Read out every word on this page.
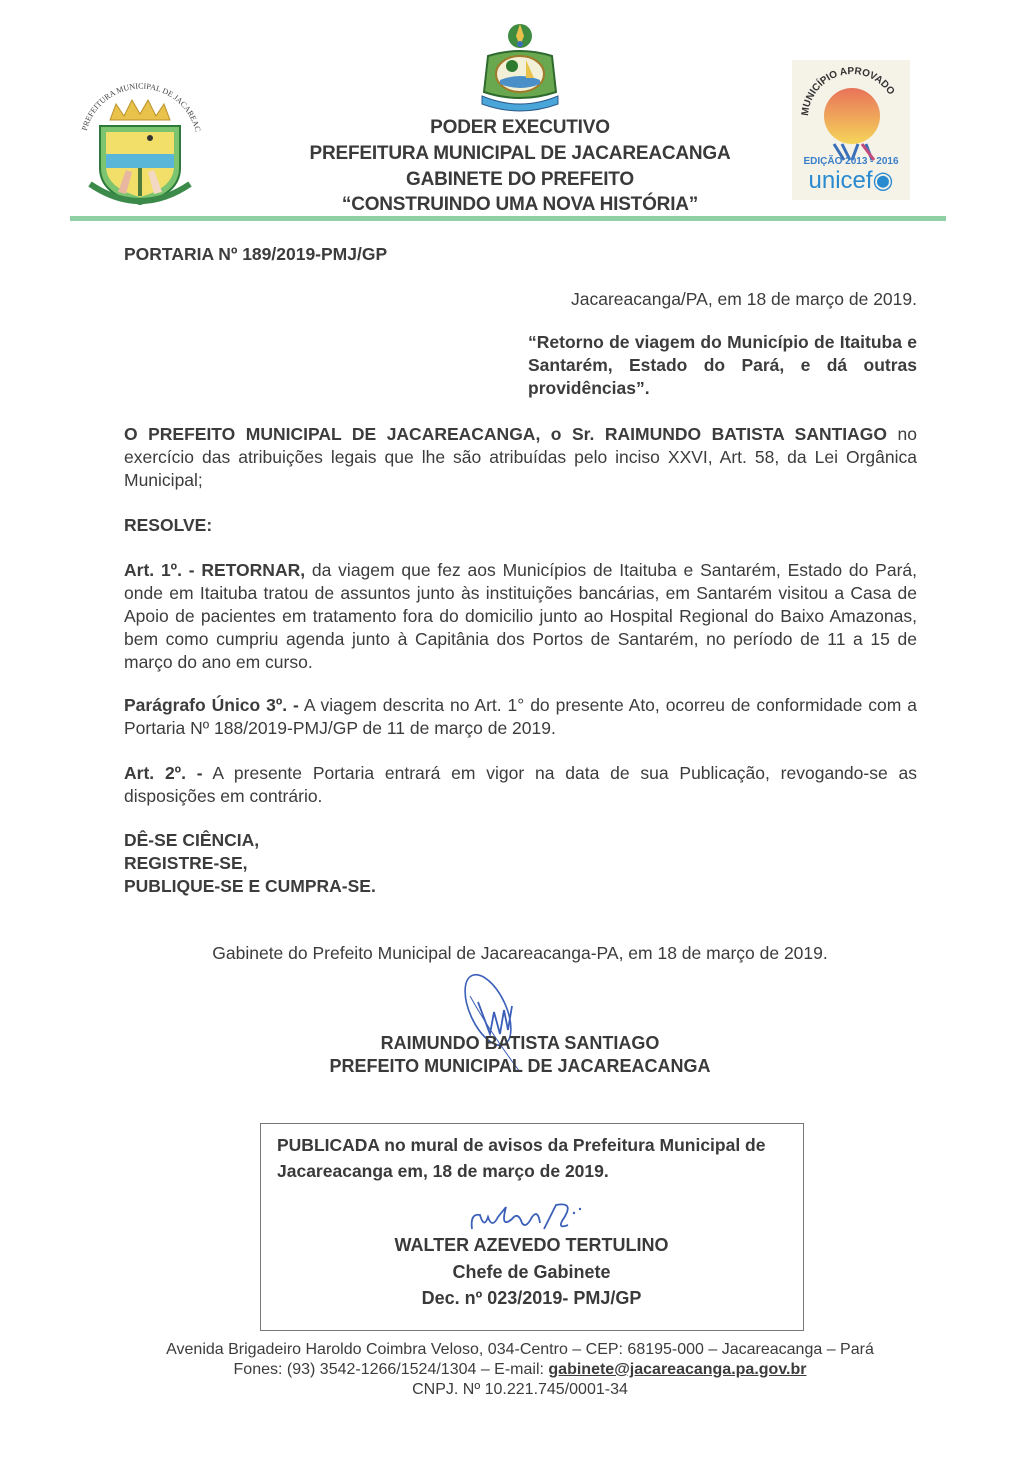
PREFEITURA MUNICIPAL DE JACAREAC
MUNICÍPIO APROVADO
EDIÇÃO 2013 - 2016
unicef◉
PODER EXECUTIVO
PREFEITURA MUNICIPAL DE JACAREACANGA
GABINETE DO PREFEITO
“CONSTRUINDO UMA NOVA HISTÓRIA”
PORTARIA Nº 189/2019-PMJ/GP
Jacareacanga/PA, em 18 de março de 2019.
“Retorno de viagem do Município de Itaituba e Santarém, Estado do Pará, e dá outras providências”.
O PREFEITO MUNICIPAL DE JACAREACANGA, o Sr. RAIMUNDO BATISTA SANTIAGO no exercício das atribuições legais que lhe são atribuídas pelo inciso XXVI, Art. 58, da Lei Orgânica Municipal;
RESOLVE:
Art. 1º. - RETORNAR, da viagem que fez aos Municípios de Itaituba e Santarém, Estado do Pará, onde em Itaituba tratou de assuntos junto às instituições bancárias, em Santarém visitou a Casa de Apoio de pacientes em tratamento fora do domicilio junto ao Hospital Regional do Baixo Amazonas, bem como cumpriu agenda junto à Capitânia dos Portos de Santarém, no período de 11 a 15 de março do ano em curso.
Parágrafo Único 3º. - A viagem descrita no Art. 1° do presente Ato, ocorreu de conformidade com a Portaria Nº 188/2019-PMJ/GP de 11 de março de 2019.
Art. 2º. - A presente Portaria entrará em vigor na data de sua Publicação, revogando-se as disposições em contrário.
DÊ-SE CIÊNCIA,
REGISTRE-SE,
PUBLIQUE-SE E CUMPRA-SE.
Gabinete do Prefeito Municipal de Jacareacanga-PA, em 18 de março de 2019.
RAIMUNDO BATISTA SANTIAGO
PREFEITO MUNICIPAL DE JACAREACANGA
PUBLICADA no mural de avisos da Prefeitura Municipal de Jacareacanga em, 18 de março de 2019.
WALTER AZEVEDO TERTULINO
Chefe de Gabinete
Dec. nº 023/2019- PMJ/GP
Avenida Brigadeiro Haroldo Coimbra Veloso, 034-Centro – CEP: 68195-000 – Jacareacanga – Pará
Fones: (93) 3542-1266/1524/1304 – E-mail: gabinete@jacareacanga.pa.gov.br
CNPJ. Nº 10.221.745/0001-34
